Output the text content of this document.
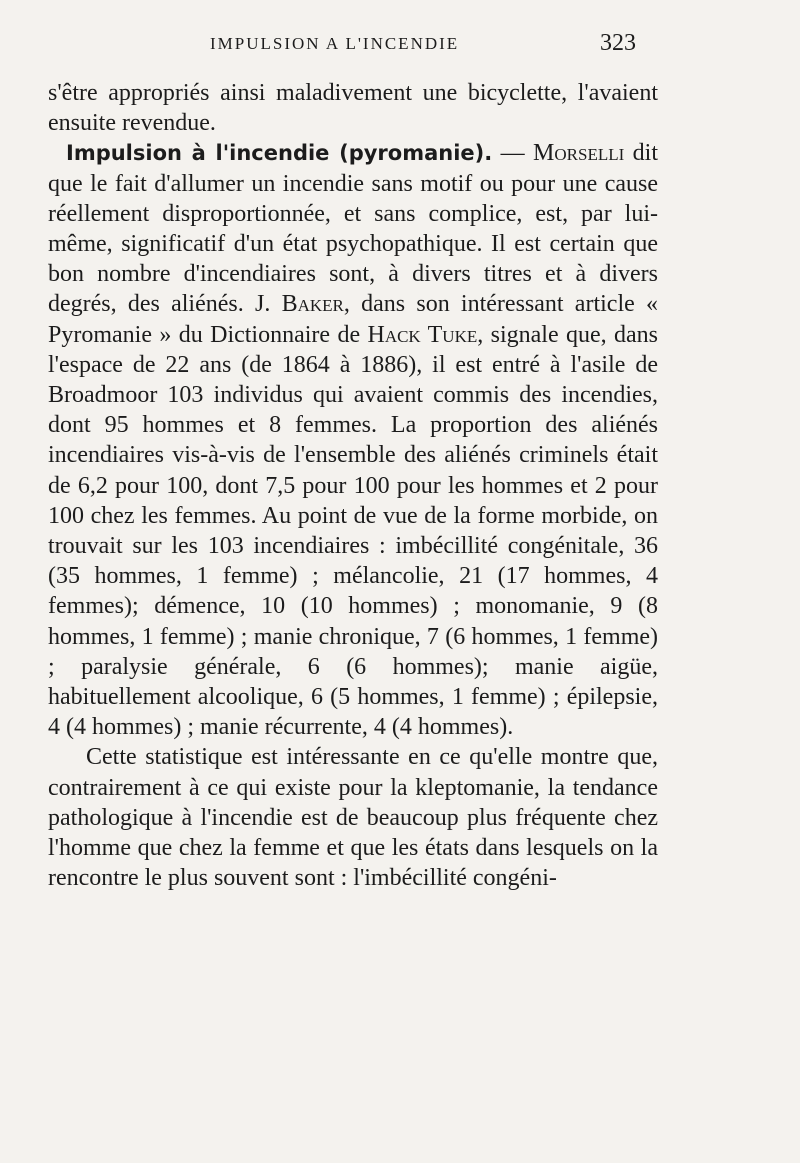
IMPULSION A L'INCENDIE	323

s'être appropriés ainsi maladivement une bicyclette, l'avaient ensuite revendue.

Impulsion à l'incendie (pyromanie). — Morselli dit que le fait d'allumer un incendie sans motif ou pour une cause réellement disproportionnée, et sans complice, est, par lui-même, significatif d'un état psychopathique. Il est certain que bon nombre d'incendiaires sont, à divers titres et à divers degrés, des aliénés. J. Baker, dans son intéressant article « Pyromanie » du Dictionnaire de Hack Tuke, signale que, dans l'espace de 22 ans (de 1864 à 1886), il est entré à l'asile de Broadmoor 103 individus qui avaient commis des incendies, dont 95 hommes et 8 femmes. La proportion des aliénés incendiaires vis-à-vis de l'ensemble des aliénés criminels était de 6,2 pour 100, dont 7,5 pour 100 pour les hommes et 2 pour 100 chez les femmes. Au point de vue de la forme morbide, on trouvait sur les 103 incendiaires : imbécillité congénitale, 36 (35 hommes, 1 femme) ; mélancolie, 21 (17 hommes, 4 femmes); démence, 10 (10 hommes) ; monomanie, 9 (8 hommes, 1 femme) ; manie chronique, 7 (6 hommes, 1 femme) ; paralysie générale, 6 (6 hommes); manie aigüe, habituellement alcoolique, 6 (5 hommes, 1 femme) ; épilepsie, 4 (4 hommes) ; manie récurrente, 4 (4 hommes).

Cette statistique est intéressante en ce qu'elle montre que, contrairement à ce qui existe pour la kleptomanie, la tendance pathologique à l'incendie est de beaucoup plus fréquente chez l'homme que chez la femme et que les états dans lesquels on la rencontre le plus souvent sont : l'imbécillité congéni-
